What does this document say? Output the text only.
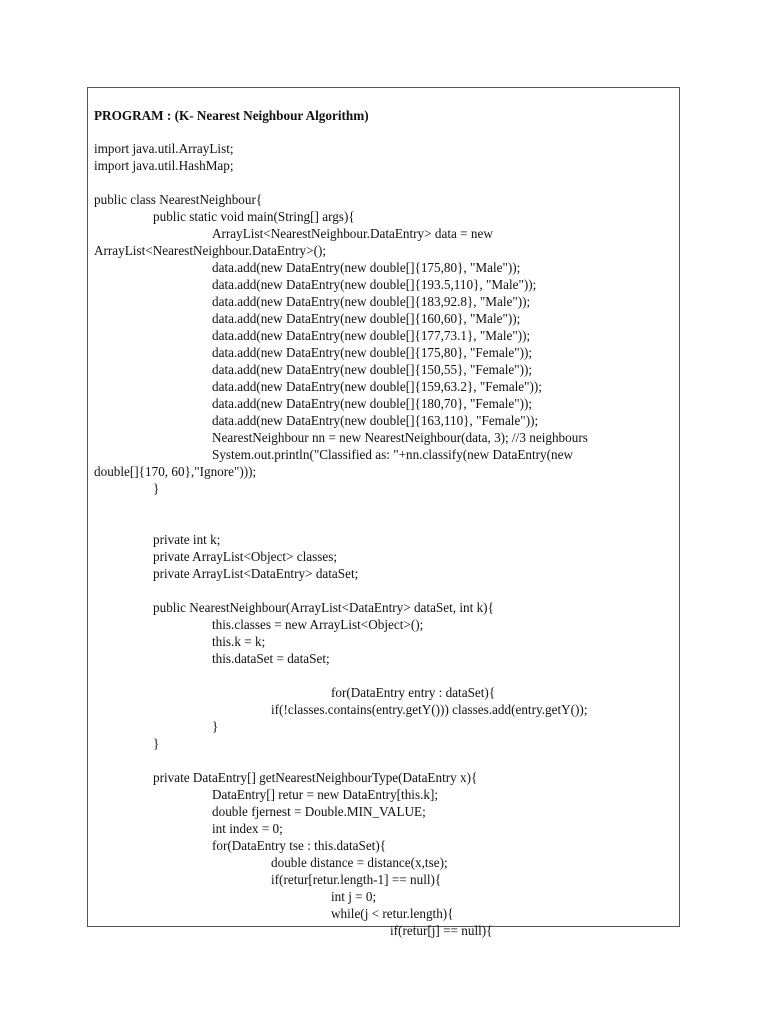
PROGRAM : (K- Nearest Neighbour Algorithm)
import java.util.ArrayList;
import java.util.HashMap;
public class NearestNeighbour{
public static void main(String[] args){
ArrayList<NearestNeighbour.DataEntry> data = new
ArrayList<NearestNeighbour.DataEntry>();
data.add(new DataEntry(new double[]{175,80}, "Male"));
data.add(new DataEntry(new double[]{193.5,110}, "Male"));
data.add(new DataEntry(new double[]{183,92.8}, "Male"));
data.add(new DataEntry(new double[]{160,60}, "Male"));
data.add(new DataEntry(new double[]{177,73.1}, "Male"));
data.add(new DataEntry(new double[]{175,80}, "Female"));
data.add(new DataEntry(new double[]{150,55}, "Female"));
data.add(new DataEntry(new double[]{159,63.2}, "Female"));
data.add(new DataEntry(new double[]{180,70}, "Female"));
data.add(new DataEntry(new double[]{163,110}, "Female"));
NearestNeighbour nn = new NearestNeighbour(data, 3); //3 neighbours
System.out.println("Classified as: "+nn.classify(new DataEntry(new
double[]{170, 60},"Ignore")));
}
private int k;
private ArrayList<Object> classes;
private ArrayList<DataEntry> dataSet;
public NearestNeighbour(ArrayList<DataEntry> dataSet, int k){
this.classes = new ArrayList<Object>();
this.k = k;
this.dataSet = dataSet;
for(DataEntry entry : dataSet){
if(!classes.contains(entry.getY())) classes.add(entry.getY());
}
}
private DataEntry[] getNearestNeighbourType(DataEntry x){
DataEntry[] retur = new DataEntry[this.k];
double fjernest = Double.MIN_VALUE;
int index = 0;
for(DataEntry tse : this.dataSet){
double distance = distance(x,tse);
if(retur[retur.length-1] == null){
int j = 0;
while(j < retur.length){
if(retur[j] == null){
